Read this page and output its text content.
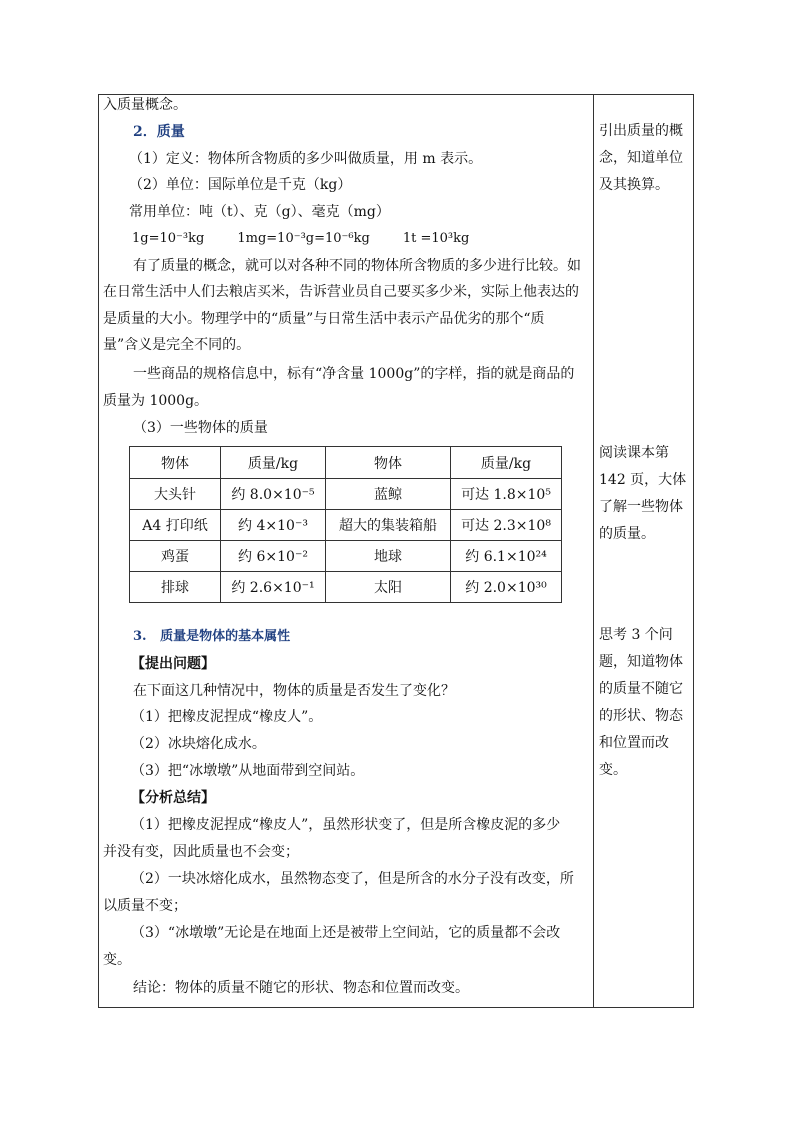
入质量概念。
2．质量
（1）定义：物体所含物质的多少叫做质量，用 m 表示。
（2）单位：国际单位是千克（kg）
常用单位：吨（t）、克（g）、毫克（mg）
1g=10⁻³kg        1mg=10⁻³g=10⁻⁶kg        1t =10³kg
有了质量的概念，就可以对各种不同的物体所含物质的多少进行比较。如
在日常生活中人们去粮店买米，告诉营业员自己要买多少米，实际上他表达的
是质量的大小。物理学中的“质量”与日常生活中表示产品优劣的那个“质
量”含义是完全不同的。
一些商品的规格信息中，标有“净含量 1000g”的字样，指的就是商品的
质量为 1000g。
（3）一些物体的质量
物体	质量/kg	物体	质量/kg
大头针	约 8.0×10⁻⁵	蓝鲸	可达 1.8×10⁵
A4 打印纸	约 4×10⁻³	超大的集装箱船	可达 2.3×10⁸
鸡蛋	约 6×10⁻²	地球	约 6.1×10²⁴
排球	约 2.6×10⁻¹	太阳	约 2.0×10³⁰
3.   质量是物体的基本属性
【提出问题】
在下面这几种情况中，物体的质量是否发生了变化？
（1）把橡皮泥捏成“橡皮人”。
（2）冰块熔化成水。
（3）把“冰墩墩”从地面带到空间站。
【分析总结】
（1）把橡皮泥捏成“橡皮人”，虽然形状变了，但是所含橡皮泥的多少
并没有变，因此质量也不会变；
（2）一块冰熔化成水，虽然物态变了，但是所含的水分子没有改变，所
以质量不变；
（3）“冰墩墩”无论是在地面上还是被带上空间站，它的质量都不会改
变。
结论：物体的质量不随它的形状、物态和位置而改变。
引出质量的概
念，知道单位
及其换算。
阅读课本第
142 页，大体
了解一些物体
的质量。
思考 3 个问
题，知道物体
的质量不随它
的形状、物态
和位置而改
变。
